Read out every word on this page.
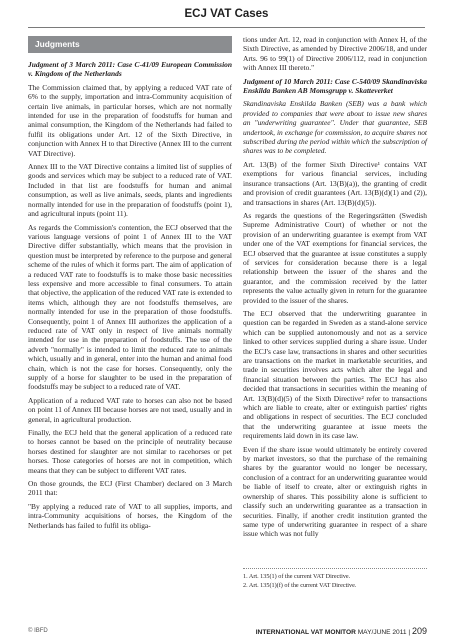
ECJ VAT Cases
Judgments

Judgment of 3 March 2011: Case C-41/09 European Commission v. Kingdom of the Netherlands

The Commission claimed that, by applying a reduced VAT rate of 6% to the supply, importation and intra-Community acquisition of certain live animals, in particular horses, which are not normally intended for use in the preparation of foodstuffs for human and animal consumption, the Kingdom of the Netherlands had failed to fulfil its obligations under Art. 12 of the Sixth Directive, in conjunction with Annex H to that Directive (Annex III to the current VAT Directive).

Annex III to the VAT Directive contains a limited list of supplies of goods and services which may be subject to a reduced rate of VAT. Included in that list are foodstuffs for human and animal consumption, as well as live animals, seeds, plants and ingredients normally intended for use in the preparation of foodstuffs (point 1), and agricultural inputs (point 11).

As regards the Commission's contention, the ECJ observed that the various language versions of point 1 of Annex III to the VAT Directive differ substantially, which means that the provision in question must be interpreted by reference to the purpose and general scheme of the rules of which it forms part. The aim of application of a reduced VAT rate to foodstuffs is to make those basic necessities less expensive and more accessible to final consumers. To attain that objective, the application of the reduced VAT rate is extended to items which, although they are not foodstuffs themselves, are normally intended for use in the preparation of those foodstuffs. Consequently, point 1 of Annex III authorizes the application of a reduced rate of VAT only in respect of live animals normally intended for use in the preparation of foodstuffs. The use of the adverb "normally" is intended to limit the reduced rate to animals which, usually and in general, enter into the human and animal food chain, which is not the case for horses. Consequently, only the supply of a horse for slaughter to be used in the preparation of foodstuffs may be subject to a reduced rate of VAT.

Application of a reduced VAT rate to horses can also not be based on point 11 of Annex III because horses are not used, usually and in general, in agricultural production.

Finally, the ECJ held that the general application of a reduced rate to horses cannot be based on the principle of neutrality because horses destined for slaughter are not similar to racehorses or pet horses. Those categories of horses are not in competition, which means that they can be subject to different VAT rates.

On those grounds, the ECJ (First Chamber) declared on 3 March 2011 that:

"By applying a reduced rate of VAT to all supplies, imports, and intra-Community acquisitions of horses, the Kingdom of the Netherlands has failed to fulfil its obliga-

tions under Art. 12, read in conjunction with Annex H, of the Sixth Directive, as amended by Directive 2006/18, and under Arts. 96 to 99(1) of Directive 2006/112, read in conjunction with Annex III thereto."

Judgment of 10 March 2011: Case C-540/09 Skandinaviska Enskilda Banken AB Momsgrupp v. Skatteverket

Skandinaviska Enskilda Banken (SEB) was a bank which provided to companies that were about to issue new shares an "underwriting guarantee". Under that guarantee, SEB undertook, in exchange for commission, to acquire shares not subscribed during the period within which the subscription of shares was to be completed.

Art. 13(B) of the former Sixth Directive¹ contains VAT exemptions for various financial services, including insurance transactions (Art. 13(B)(a)), the granting of credit and provision of credit guarantees (Art. 13(B)(d)(1) and (2)), and transactions in shares (Art. 13(B)(d)(5)).

As regards the questions of the Regeringsrätten (Swedish Supreme Administrative Court) of whether or not the provision of an underwriting guarantee is exempt from VAT under one of the VAT exemptions for financial services, the ECJ observed that the guarantee at issue constitutes a supply of services for consideration because there is a legal relationship between the issuer of the shares and the guarantor, and the commission received by the latter represents the value actually given in return for the guarantee provided to the issuer of the shares.

The ECJ observed that the underwriting guarantee in question can be regarded in Sweden as a stand-alone service which can be supplied autonomously and not as a service linked to other services supplied during a share issue. Under the ECJ's case law, transactions in shares and other securities are transactions on the market in marketable securities, and trade in securities involves acts which alter the legal and financial situation between the parties. The ECJ has also decided that transactions in securities within the meaning of Art. 13(B)(d)(5) of the Sixth Directive² refer to transactions which are liable to create, alter or extinguish parties' rights and obligations in respect of securities. The ECJ concluded that the underwriting guarantee at issue meets the requirements laid down in its case law.

Even if the share issue would ultimately be entirely covered by market investors, so that the purchase of the remaining shares by the guarantor would no longer be necessary, conclusion of a contract for an underwriting guarantee would be liable of itself to create, alter or extinguish rights in ownership of shares. This possibility alone is sufficient to classify such an underwriting guarantee as a transaction in securities. Finally, if another credit institution granted the same type of underwriting guarantee in respect of a share issue which was not fully

1. Art. 135(1) of the current VAT Directive.
2. Art. 135(1)(f) of the current VAT Directive.
© IBFD	INTERNATIONAL VAT MONITOR MAY/JUNE 2011 | 209
